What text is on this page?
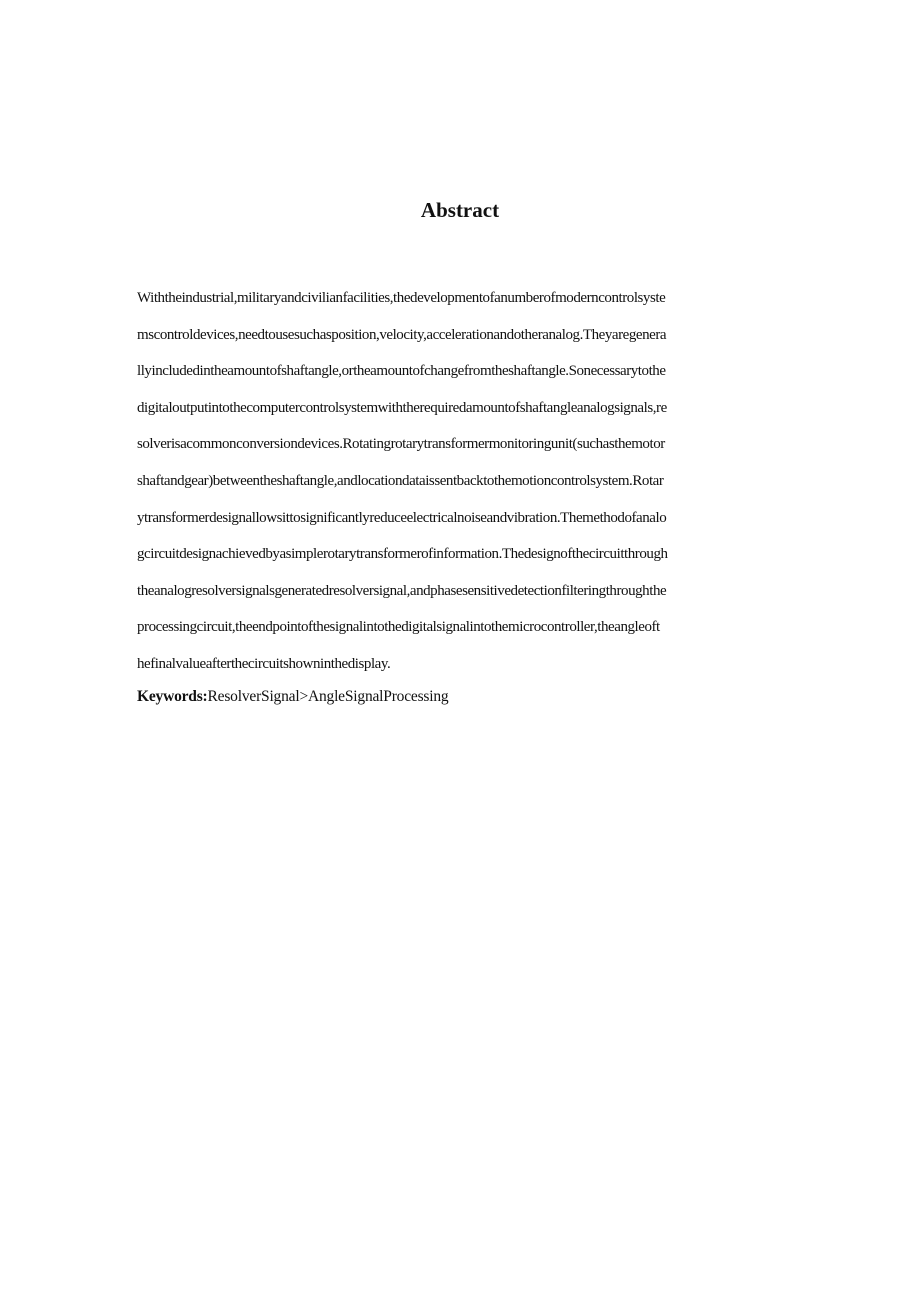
Abstract
Withtheindustrial,militaryandcivilianfacilities,thedevelopmentofanumberofmoderncontrolsyste
mscontroldevices,needtousesuchasposition,velocity,accelerationandotheranalog.Theyaregenera
llyincludedintheamountofshaftangle,ortheamountofchangefromtheshaftangle.Sonecessarytothe
digitaloutputintothecomputercontrolsystemwiththerequiredamountofshaftangleanalogsignals,re
solverisacommonconversiondevices.Rotatingrotarytransformermonitoringunit(suchasthemotor
shaftandgear)betweentheshaftangle,andlocationdataissentbacktothemotioncontrolsystem.Rotar
ytransformerdesignallowsittosignificantlyreduceelectricalnoiseandvibration.Themethodofanalo
gcircuitdesignachievedbyasimplerotarytransformerofinformation.Thedesignofthecircuitthrough
theanalogresolversignalsgeneratedresolversignal,andphasesensitivedetectionfilteringthroughthe
processingcircuit,theendpointofthesignalintothedigitalsignalintothemicrocontroller,theangleoft
hefinalvalueafterthecircuitshowninthedisplay.
Keywords:ResolverSignal>AngleSignalProcessing
